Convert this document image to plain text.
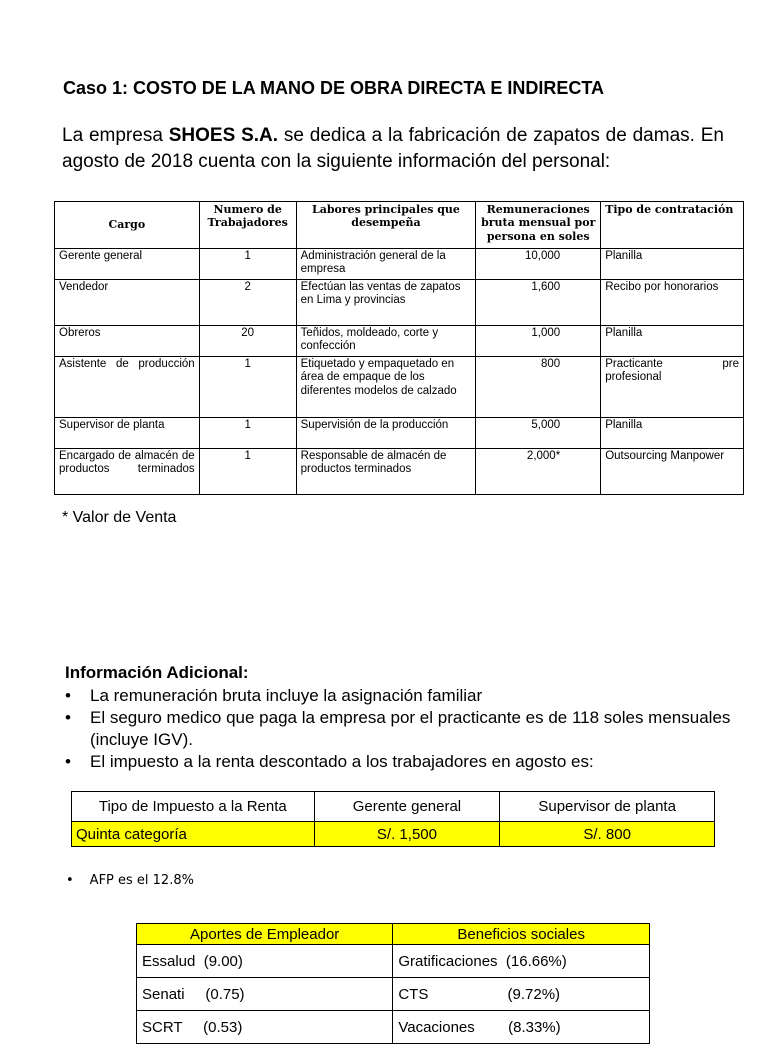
Caso 1: COSTO DE LA MANO DE OBRA DIRECTA E INDIRECTA
La empresa SHOES S.A. se dedica a la fabricación de zapatos de damas. En agosto de 2018 cuenta con la siguiente información del personal:
Cargo	Numero de Trabajadores	Labores principales que desempeña	Remuneraciones bruta mensual por persona en soles	Tipo de contratación
Gerente general	1	Administración general de la empresa	10,000	Planilla
Vendedor	2	Efectúan las ventas de zapatos en Lima y provincias	1,600	Recibo por honorarios
Obreros	20	Teñidos, moldeado, corte y confección	1,000	Planilla
Asistente de producción	1	Etiquetado y empaquetado en área de empaque de los diferentes modelos de calzado	800	Practicante pre profesional
Supervisor de planta	1	Supervisión de la producción	5,000	Planilla
Encargado de almacén de productos terminados	1	Responsable de almacén de productos terminados	2,000*	Outsourcing Manpower
* Valor de Venta
Información Adicional:
• La remuneración bruta incluye la asignación familiar
• El seguro medico que paga la empresa por el practicante es de 118 soles mensuales (incluye IGV).
• El impuesto a la renta descontado a los trabajadores en agosto es:
Tipo de Impuesto a la Renta	Gerente general	Supervisor de planta
Quinta categoría	S/. 1,500	S/. 800
• AFP es el 12.8%
Aportes de Empleador	Beneficios sociales
Essalud  (9.00)	Gratificaciones  (16.66%)
Senati     (0.75)	CTS                   (9.72%)
SCRT     (0.53)	Vacaciones        (8.33%)
